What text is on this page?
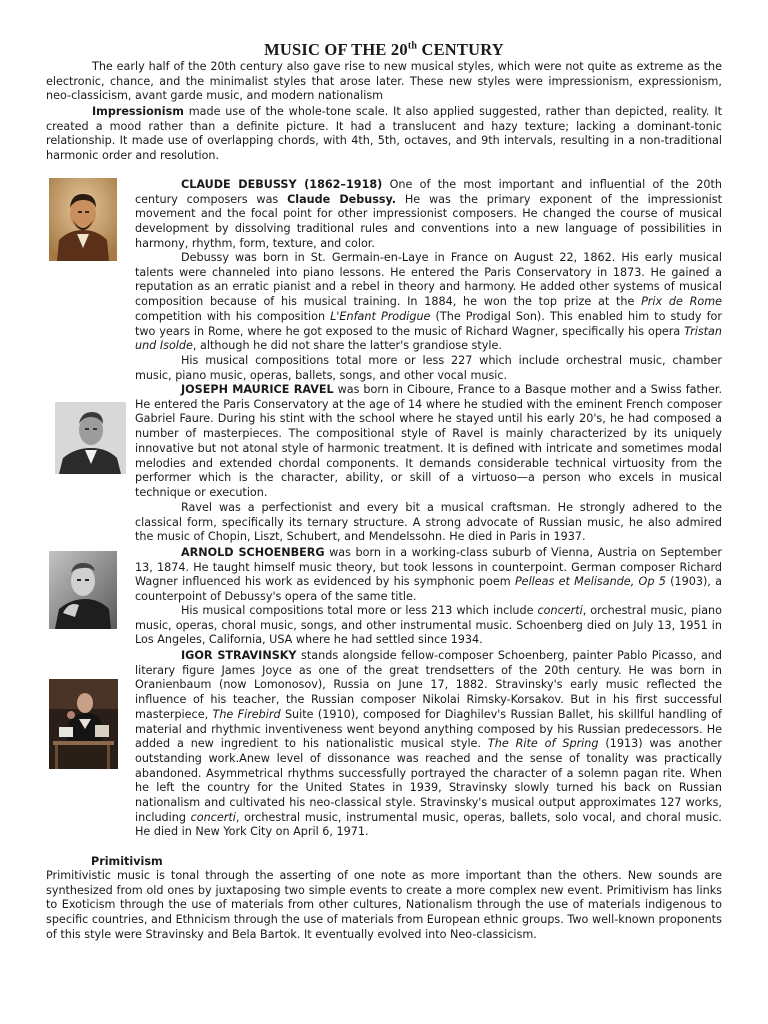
MUSIC OF THE 20th CENTURY

The early half of the 20th century also gave rise to new musical styles, which were not quite as extreme as the electronic, chance, and the minimalist styles that arose later. These new styles were impressionism, expressionism, neo-classicism, avant garde music, and modern nationalism

Impressionism made use of the whole-tone scale. It also applied suggested, rather than depicted, reality. It created a mood rather than a definite picture. It had a translucent and hazy texture; lacking a dominant-tonic relationship. It made use of overlapping chords, with 4th, 5th, octaves, and 9th intervals, resulting in a non-traditional harmonic order and resolution.

CLAUDE DEBUSSY (1862–1918) One of the most important and influential of the 20th century composers was Claude Debussy. He was the primary exponent of the impressionist movement and the focal point for other impressionist composers. He changed the course of musical development by dissolving traditional rules and conventions into a new language of possibilities in harmony, rhythm, form, texture, and color.

Debussy was born in St. Germain-en-Laye in France on August 22, 1862. His early musical talents were channeled into piano lessons. He entered the Paris Conservatory in 1873. He gained a reputation as an erratic pianist and a rebel in theory and harmony. He added other systems of musical composition because of his musical training. In 1884, he won the top prize at the Prix de Rome competition with his composition L'Enfant Prodigue (The Prodigal Son). This enabled him to study for two years in Rome, where he got exposed to the music of Richard Wagner, specifically his opera Tristan und Isolde, although he did not share the latter's grandiose style.

His musical compositions total more or less 227 which include orchestral music, chamber music, piano music, operas, ballets, songs, and other vocal music.

JOSEPH MAURICE RAVEL was born in Ciboure, France to a Basque mother and a Swiss father. He entered the Paris Conservatory at the age of 14 where he studied with the eminent French composer Gabriel Faure. During his stint with the school where he stayed until his early 20's, he had composed a number of masterpieces. The compositional style of Ravel is mainly characterized by its uniquely innovative but not atonal style of harmonic treatment. It is defined with intricate and sometimes modal melodies and extended chordal components. It demands considerable technical virtuosity from the performer which is the character, ability, or skill of a virtuoso—a person who excels in musical technique or execution.

Ravel was a perfectionist and every bit a musical craftsman. He strongly adhered to the classical form, specifically its ternary structure. A strong advocate of Russian music, he also admired the music of Chopin, Liszt, Schubert, and Mendelssohn. He died in Paris in 1937.

ARNOLD SCHOENBERG was born in a working-class suburb of Vienna, Austria on September 13, 1874. He taught himself music theory, but took lessons in counterpoint. German composer Richard Wagner influenced his work as evidenced by his symphonic poem Pelleas et Melisande, Op 5 (1903), a counterpoint of Debussy's opera of the same title.

His musical compositions total more or less 213 which include concerti, orchestral music, piano music, operas, choral music, songs, and other instrumental music. Schoenberg died on July 13, 1951 in Los Angeles, California, USA where he had settled since 1934.

IGOR STRAVINSKY stands alongside fellow-composer Schoenberg, painter Pablo Picasso, and literary figure James Joyce as one of the great trendsetters of the 20th century. He was born in Oranienbaum (now Lomonosov), Russia on June 17, 1882. Stravinsky's early music reflected the influence of his teacher, the Russian composer Nikolai Rimsky-Korsakov. But in his first successful masterpiece, The Firebird Suite (1910), composed for Diaghilev's Russian Ballet, his skillful handling of material and rhythmic inventiveness went beyond anything composed by his Russian predecessors. He added a new ingredient to his nationalistic musical style. The Rite of Spring (1913) was another outstanding work.Anew level of dissonance was reached and the sense of tonality was practically abandoned. Asymmetrical rhythms successfully portrayed the character of a solemn pagan rite. When he left the country for the United States in 1939, Stravinsky slowly turned his back on Russian nationalism and cultivated his neo-classical style. Stravinsky's musical output approximates 127 works, including concerti, orchestral music, instrumental music, operas, ballets, solo vocal, and choral music. He died in New York City on April 6, 1971.

Primitivism

Primitivistic music is tonal through the asserting of one note as more important than the others. New sounds are synthesized from old ones by juxtaposing two simple events to create a more complex new event. Primitivism has links to Exoticism through the use of materials from other cultures, Nationalism through the use of materials indigenous to specific countries, and Ethnicism through the use of materials from European ethnic groups. Two well-known proponents of this style were Stravinsky and Bela Bartok. It eventually evolved into Neo-classicism.
